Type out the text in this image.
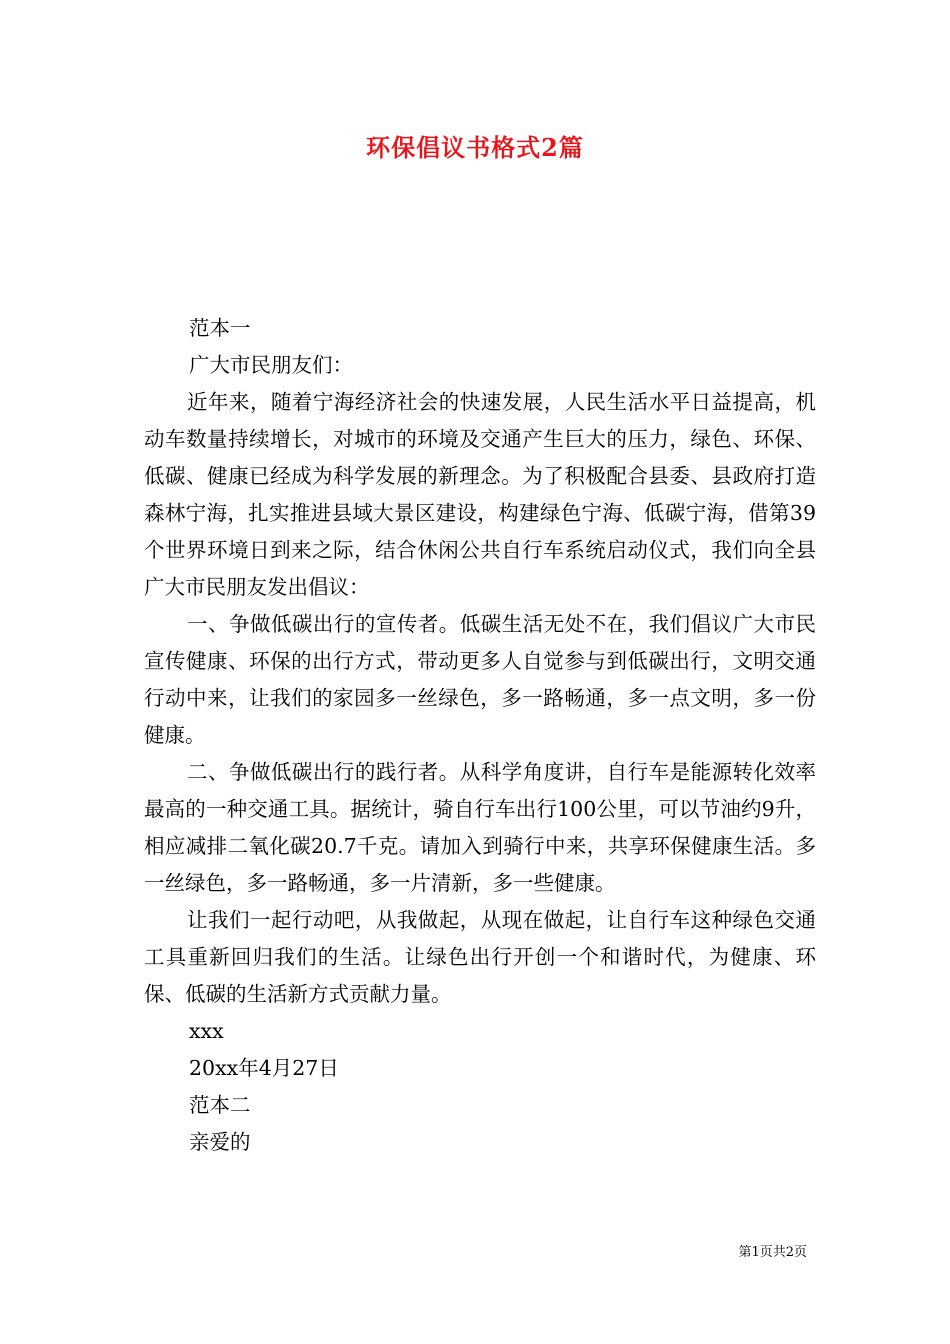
环保倡议书格式2篇

范本一

广大市民朋友们：

近年来，随着宁海经济社会的快速发展，人民生活水平日益提高，机动车数量持续增长，对城市的环境及交通产生巨大的压力，绿色、环保、低碳、健康已经成为科学发展的新理念。为了积极配合县委、县政府打造森林宁海，扎实推进县域大景区建设，构建绿色宁海、低碳宁海，借第39个世界环境日到来之际，结合休闲公共自行车系统启动仪式，我们向全县广大市民朋友发出倡议：

一、争做低碳出行的宣传者。低碳生活无处不在，我们倡议广大市民宣传健康、环保的出行方式，带动更多人自觉参与到低碳出行，文明交通行动中来，让我们的家园多一丝绿色，多一路畅通，多一点文明，多一份健康。

二、争做低碳出行的践行者。从科学角度讲，自行车是能源转化效率最高的一种交通工具。据统计，骑自行车出行100公里，可以节油约9升，相应减排二氧化碳20.7千克。请加入到骑行中来，共享环保健康生活。多一丝绿色，多一路畅通，多一片清新，多一些健康。

让我们一起行动吧，从我做起，从现在做起，让自行车这种绿色交通工具重新回归我们的生活。让绿色出行开创一个和谐时代，为健康、环保、低碳的生活新方式贡献力量。

xxx

20xx年4月27日

范本二

亲爱的

第1页共2页
